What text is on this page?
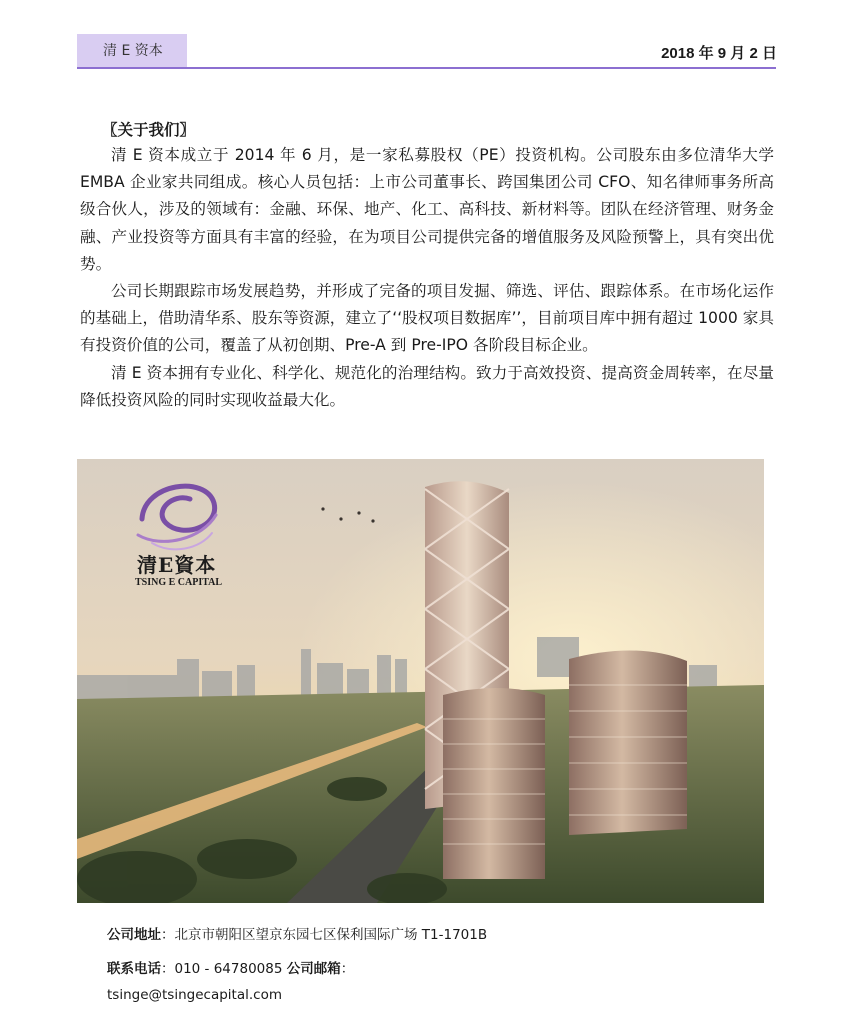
清 E 资本	2018 年 9 月 2 日
〖关于我们〗

清 E 资本成立于 2014 年 6 月，是一家私募股权（PE）投资机构。公司股东由多位清华大学 EMBA 企业家共同组成。核心人员包括：上市公司董事长、跨国集团公司 CFO、知名律师事务所高级合伙人，涉及的领域有：金融、环保、地产、化工、高科技、新材料等。团队在经济管理、财务金融、产业投资等方面具有丰富的经验，在为项目公司提供完备的增值服务及风险预警上，具有突出优势。

公司长期跟踪市场发展趋势，并形成了完备的项目发掘、筛选、评估、跟踪体系。在市场化运作的基础上，借助清华系、股东等资源，建立了‘‘股权项目数据库’’，目前项目库中拥有超过 1000 家具有投资价值的公司，覆盖了从初创期、Pre-A 到 Pre-IPO 各阶段目标企业。

清 E 资本拥有专业化、科学化、规范化的治理结构。致力于高效投资、提高资金周转率，在尽量降低投资风险的同时实现收益最大化。

清E資本
TSING E CAPITAL
公司地址：北京市朝阳区望京东园七区保利国际广场 T1-1701B
联系电话：010 - 64780085 公司邮箱：
tsinge@tsingecapital.com
